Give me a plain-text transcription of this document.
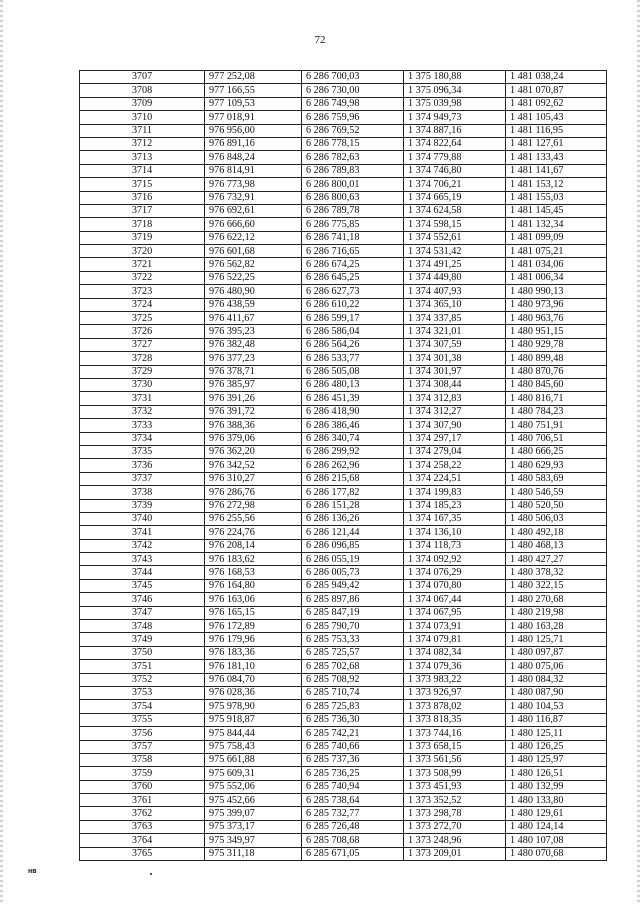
72
3707	977 252,08	6 286 700,03	1 375 180,88	1 481 038,24
3708	977 166,55	6 286 730,00	1 375 096,34	1 481 070,87
3709	977 109,53	6 286 749,98	1 375 039,98	1 481 092,62
3710	977 018,91	6 286 759,96	1 374 949,73	1 481 105,43
3711	976 956,00	6 286 769,52	1 374 887,16	1 481 116,95
3712	976 891,16	6 286 778,15	1 374 822,64	1 481 127,61
3713	976 848,24	6 286 782,63	1 374 779,88	1 481 133,43
3714	976 814,91	6 286 789,83	1 374 746,80	1 481 141,67
3715	976 773,98	6 286 800,01	1 374 706,21	1 481 153,12
3716	976 732,91	6 286 800,63	1 374 665,19	1 481 155,03
3717	976 692,61	6 286 789,78	1 374 624,58	1 481 145,45
3718	976 666,60	6 286 775,85	1 374 598,15	1 481 132,34
3719	976 622,12	6 286 741,18	1 374 552,61	1 481 099,09
3720	976 601,68	6 286 716,65	1 374 531,42	1 481 075,21
3721	976 562,82	6 286 674,25	1 374 491,25	1 481 034,06
3722	976 522,25	6 286 645,25	1 374 449,80	1 481 006,34
3723	976 480,90	6 286 627,73	1 374 407,93	1 480 990,13
3724	976 438,59	6 286 610,22	1 374 365,10	1 480 973,96
3725	976 411,67	6 286 599,17	1 374 337,85	1 480 963,76
3726	976 395,23	6 286 586,04	1 374 321,01	1 480 951,15
3727	976 382,48	6 286 564,26	1 374 307,59	1 480 929,78
3728	976 377,23	6 286 533,77	1 374 301,38	1 480 899,48
3729	976 378,71	6 286 505,08	1 374 301,97	1 480 870,76
3730	976 385,97	6 286 480,13	1 374 308,44	1 480 845,60
3731	976 391,26	6 286 451,39	1 374 312,83	1 480 816,71
3732	976 391,72	6 286 418,90	1 374 312,27	1 480 784,23
3733	976 388,36	6 286 386,46	1 374 307,90	1 480 751,91
3734	976 379,06	6 286 340,74	1 374 297,17	1 480 706,51
3735	976 362,20	6 286 299,92	1 374 279,04	1 480 666,25
3736	976 342,52	6 286 262,96	1 374 258,22	1 480 629,93
3737	976 310,27	6 286 215,68	1 374 224,51	1 480 583,69
3738	976 286,76	6 286 177,82	1 374 199,83	1 480 546,59
3739	976 272,98	6 286 151,28	1 374 185,23	1 480 520,50
3740	976 255,56	6 286 136,26	1 374 167,35	1 480 506,03
3741	976 224,76	6 286 121,44	1 374 136,10	1 480 492,18
3742	976 208,14	6 286 096,85	1 374 118,73	1 480 468,13
3743	976 183,62	6 286 055,19	1 374 092,92	1 480 427,27
3744	976 168,53	6 286 005,73	1 374 076,29	1 480 378,32
3745	976 164,80	6 285 949,42	1 374 070,80	1 480 322,15
3746	976 163,06	6 285 897,86	1 374 067,44	1 480 270,68
3747	976 165,15	6 285 847,19	1 374 067,95	1 480 219,98
3748	976 172,89	6 285 790,70	1 374 073,91	1 480 163,28
3749	976 179,96	6 285 753,33	1 374 079,81	1 480 125,71
3750	976 183,36	6 285 725,57	1 374 082,34	1 480 097,87
3751	976 181,10	6 285 702,68	1 374 079,36	1 480 075,06
3752	976 084,70	6 285 708,92	1 373 983,22	1 480 084,32
3753	976 028,36	6 285 710,74	1 373 926,97	1 480 087,90
3754	975 978,90	6 285 725,83	1 373 878,02	1 480 104,53
3755	975 918,87	6 285 736,30	1 373 818,35	1 480 116,87
3756	975 844,44	6 285 742,21	1 373 744,16	1 480 125,11
3757	975 758,43	6 285 740,66	1 373 658,15	1 480 126,25
3758	975 661,88	6 285 737,36	1 373 561,56	1 480 125,97
3759	975 609,31	6 285 736,25	1 373 508,99	1 480 126,51
3760	975 552,06	6 285 740,94	1 373 451,93	1 480 132,99
3761	975 452,66	6 285 738,64	1 373 352,52	1 480 133,80
3762	975 399,07	6 285 732,77	1 373 298,78	1 480 129,61
3763	975 373,17	6 285 726,48	1 373 272,70	1 480 124,14
3764	975 349,97	6 285 708,68	1 373 248,96	1 480 107,08
3765	975 311,18	6 285 671,05	1 373 209,01	1 480 070,68
нв
